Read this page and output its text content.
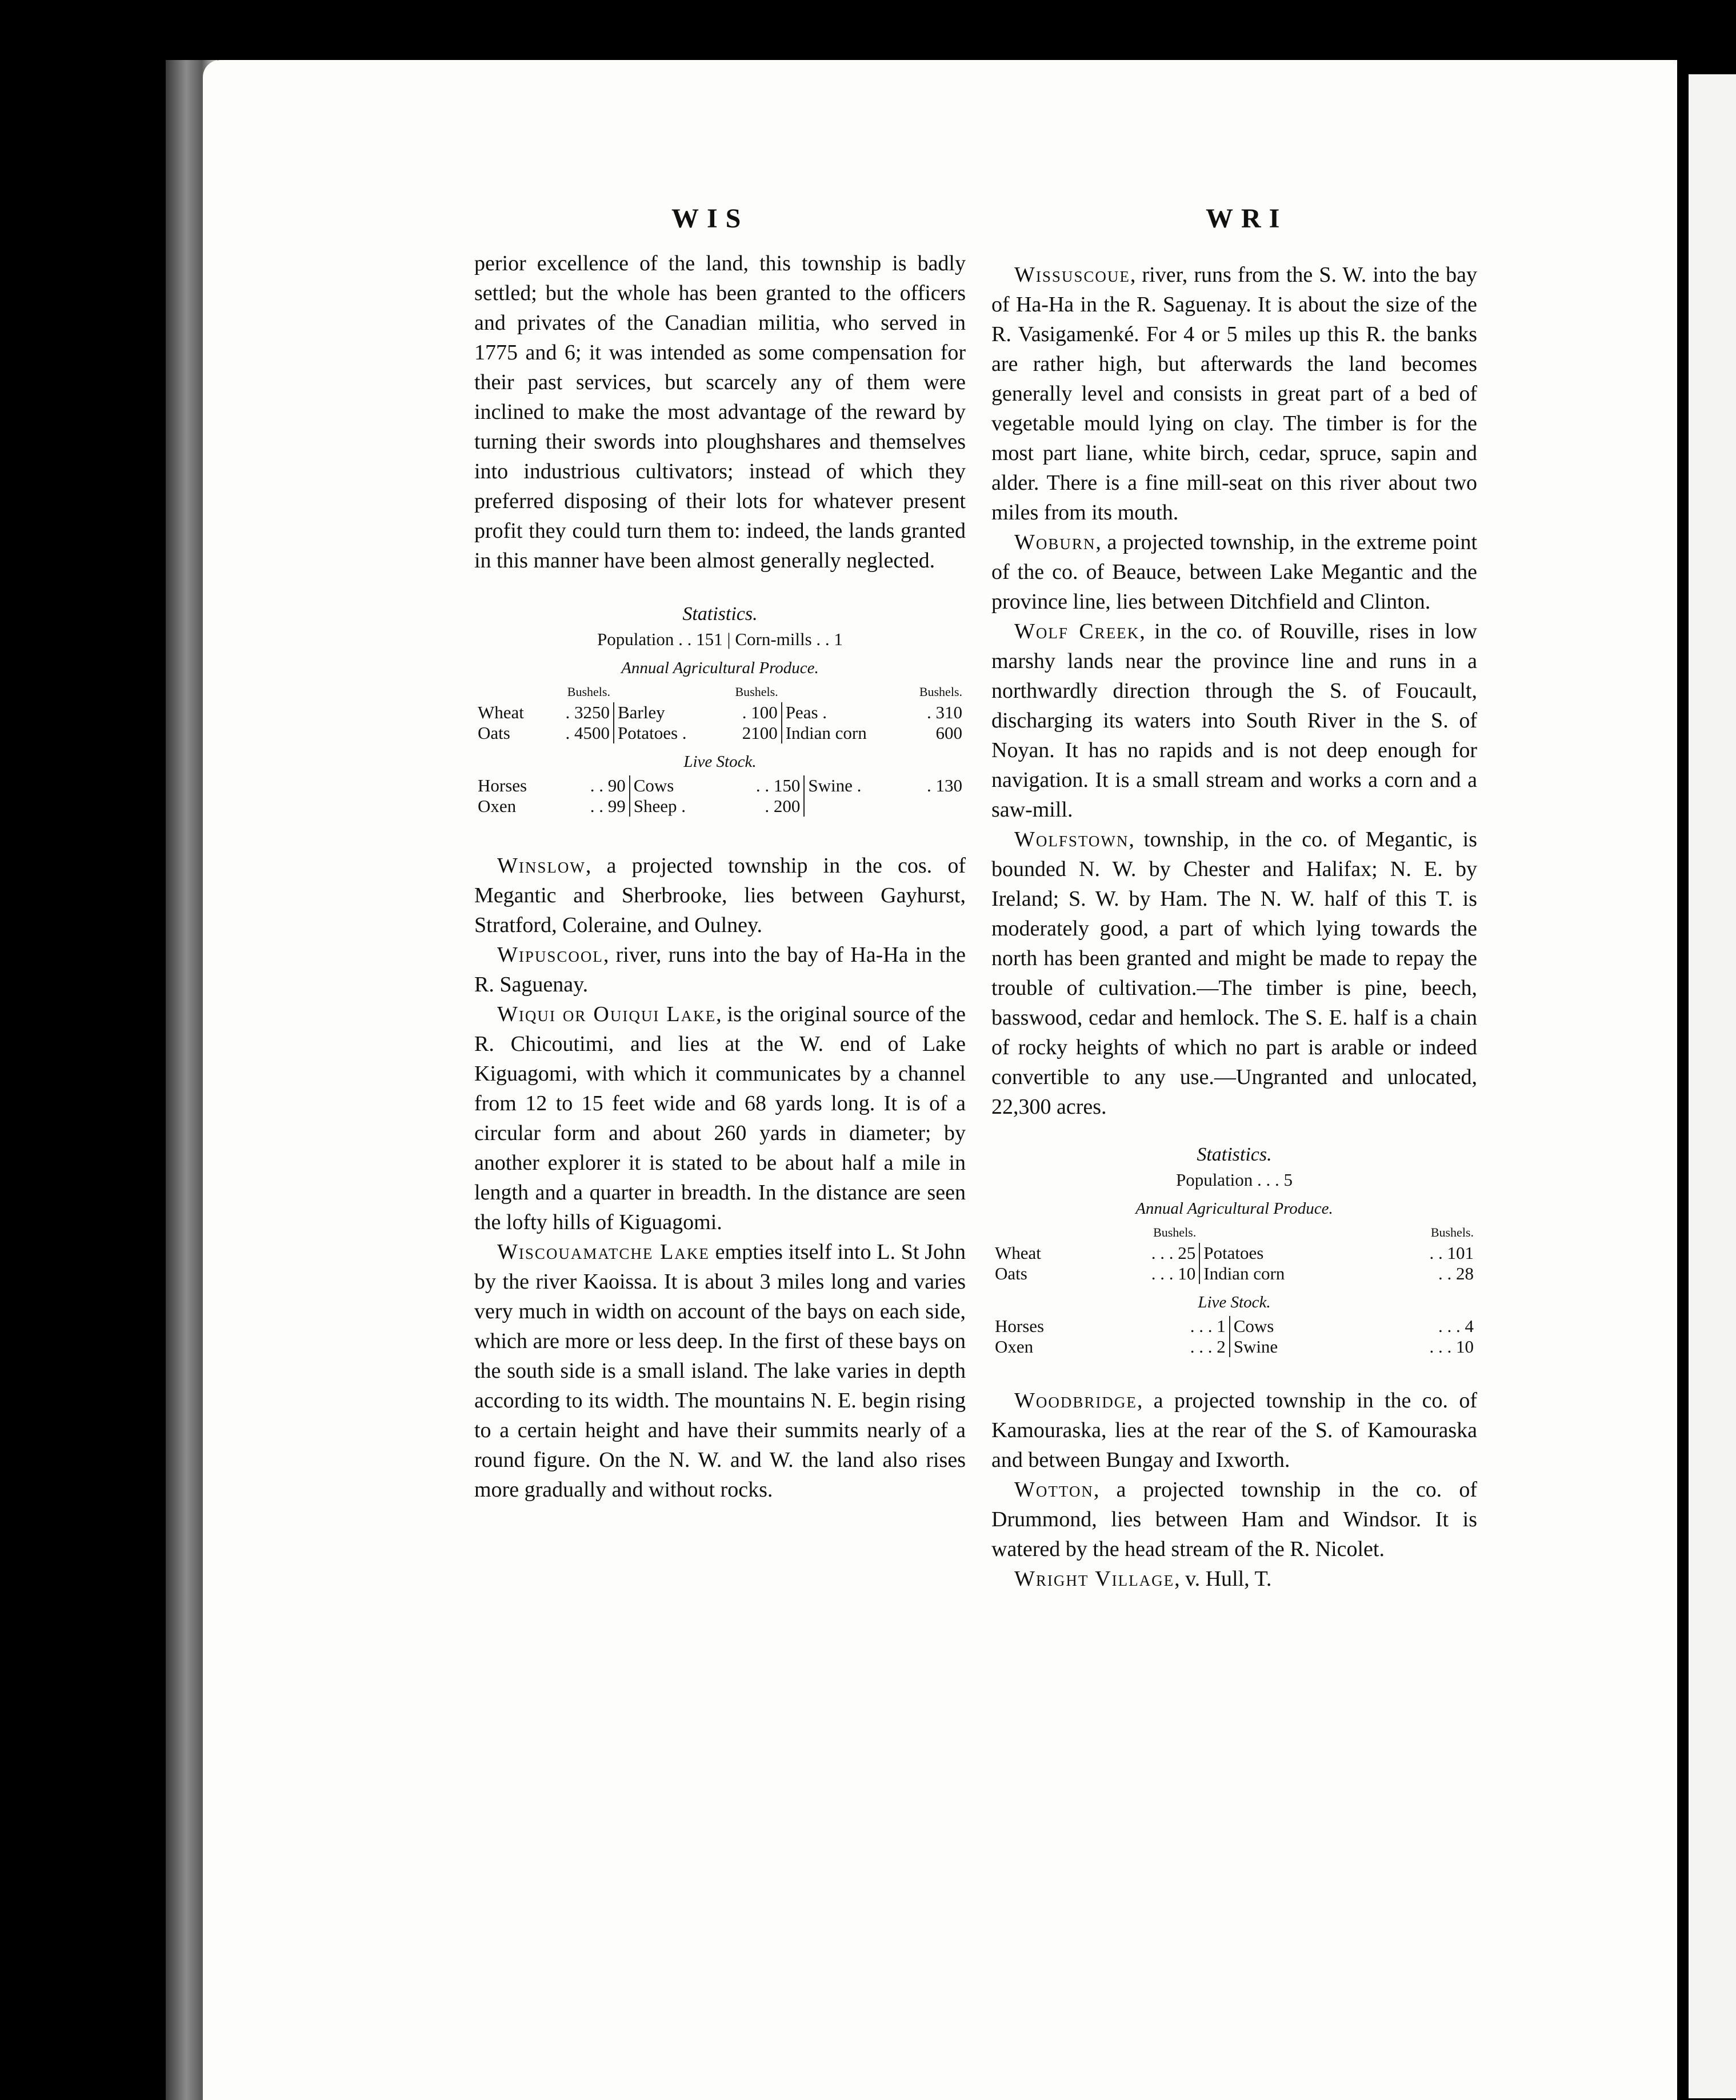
WIS	WRI

perior excellence of the land, this township is badly settled; but the whole has been granted to the officers and privates of the Canadian militia, who served in 1775 and 6; it was intended as some compensation for their past services, but scarcely any of them were inclined to make the most advantage of the reward by turning their swords into ploughshares and themselves into industrious cultivators; instead of which they preferred disposing of their lots for whatever present profit they could turn them to: indeed, the lands granted in this manner have been almost generally neglected.

Statistics.
Population . . 151 | Corn-mills . . 1
Annual Agricultural Produce.
	Bushels.		Bushels.		Bushels.
Wheat	. 3250	Barley	. 100	Peas .	. 310
Oats	. 4500	Potatoes .	2100	Indian corn	600
Live Stock.
Horses	. . 90	Cows	. . 150	Swine .	. 130
Oxen	. . 99	Sheep .	. 200		

Winslow, a projected township in the cos. of Megantic and Sherbrooke, lies between Gayhurst, Stratford, Coleraine, and Oulney.

Wipuscool, river, runs into the bay of Ha-Ha in the R. Saguenay.

Wiqui or Ouiqui Lake, is the original source of the R. Chicoutimi, and lies at the W. end of Lake Kiguagomi, with which it communicates by a channel from 12 to 15 feet wide and 68 yards long. It is of a circular form and about 260 yards in diameter; by another explorer it is stated to be about half a mile in length and a quarter in breadth. In the distance are seen the lofty hills of Kiguagomi.

Wiscouamatche Lake empties itself into L. St John by the river Kaoissa. It is about 3 miles long and varies very much in width on account of the bays on each side, which are more or less deep. In the first of these bays on the south side is a small island. The lake varies in depth according to its width. The mountains N. E. begin rising to a certain height and have their summits nearly of a round figure. On the N. W. and W. the land also rises more gradually and without rocks.

Wissuscoue, river, runs from the S. W. into the bay of Ha-Ha in the R. Saguenay. It is about the size of the R. Vasigamenké. For 4 or 5 miles up this R. the banks are rather high, but afterwards the land becomes generally level and consists in great part of a bed of vegetable mould lying on clay. The timber is for the most part liane, white birch, cedar, spruce, sapin and alder. There is a fine mill-seat on this river about two miles from its mouth.

Woburn, a projected township, in the extreme point of the co. of Beauce, between Lake Megantic and the province line, lies between Ditchfield and Clinton.

Wolf Creek, in the co. of Rouville, rises in low marshy lands near the province line and runs in a northwardly direction through the S. of Foucault, discharging its waters into South River in the S. of Noyan. It has no rapids and is not deep enough for navigation. It is a small stream and works a corn and a saw-mill.

Wolfstown, township, in the co. of Megantic, is bounded N. W. by Chester and Halifax; N. E. by Ireland; S. W. by Ham. The N. W. half of this T. is moderately good, a part of which lying towards the north has been granted and might be made to repay the trouble of cultivation.—The timber is pine, beech, basswood, cedar and hemlock. The S. E. half is a chain of rocky heights of which no part is arable or indeed convertible to any use.—Ungranted and unlocated, 22,300 acres.

Statistics.
Population . . . 5
Annual Agricultural Produce.
	Bushels.		Bushels.
Wheat	. . . 25	Potatoes	. . 101
Oats	. . . 10	Indian corn	. . 28
Live Stock.
Horses	. . . 1	Cows	. . . 4
Oxen	. . . 2	Swine	. . . 10

Woodbridge, a projected township in the co. of Kamouraska, lies at the rear of the S. of Kamouraska and between Bungay and Ixworth.

Wotton, a projected township in the co. of Drummond, lies between Ham and Windsor. It is watered by the head stream of the R. Nicolet.

Wright Village, v. Hull, T.
